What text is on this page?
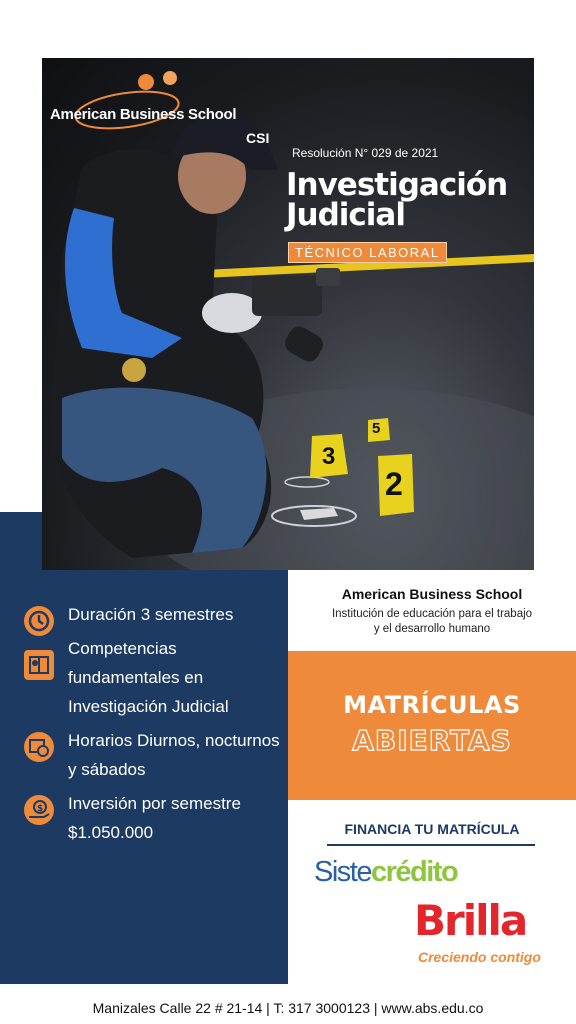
CSI
5
3
2
American Business School
Resolución N° 029 de 2021
Investigación
Judicial
TÉCNICO LABORAL
Duración 3 semestres
Competencias
fundamentales en
Investigación Judicial
Horarios Diurnos, nocturnos
y sábados
$ Inversión por semestre
$1.050.000
American Business School
Institución de educación para el trabajo
y el desarrollo humano
MATRÍCULAS
ABIERTAS
FINANCIA TU MATRÍCULA
Sistecrédito
Brilla
Creciendo contigo
Manizales Calle 22 # 21-14 | T: 317 3000123 | www.abs.edu.co
